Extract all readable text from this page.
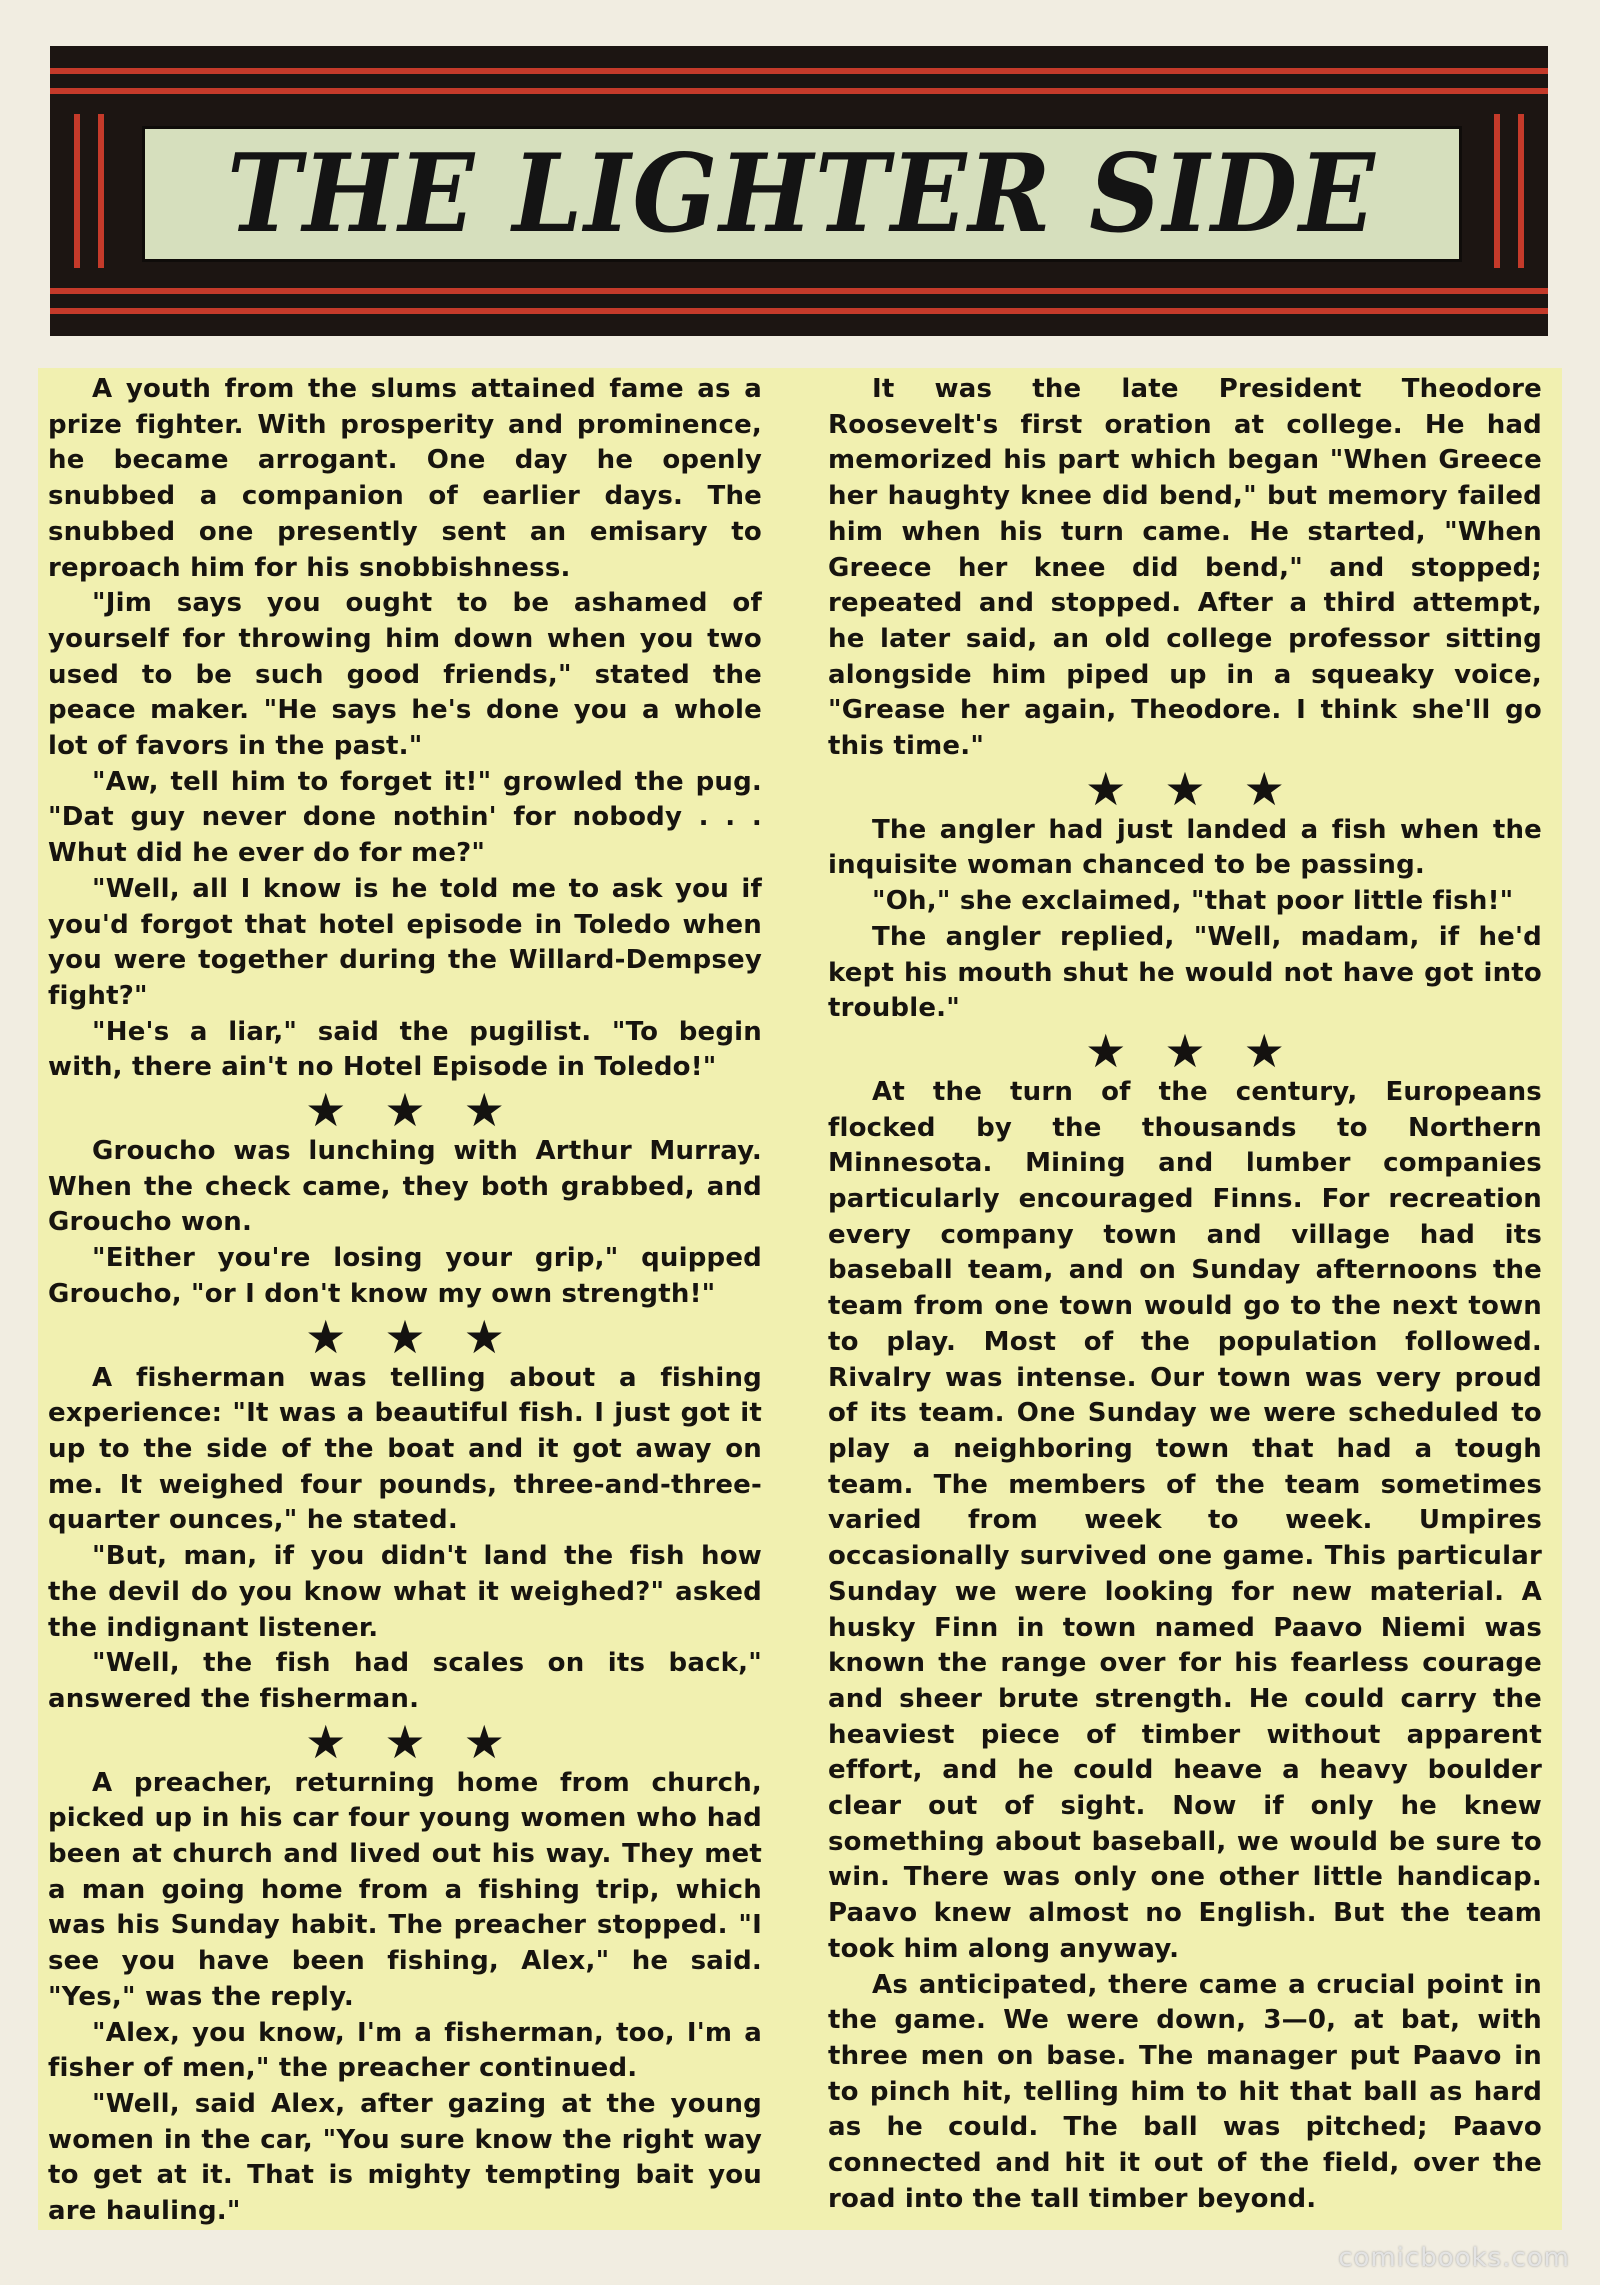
THE LIGHTER SIDE

A youth from the slums attained fame as a prize fighter. With prosperity and prominence, he became arrogant. One day he openly snubbed a companion of earlier days. The snubbed one presently sent an emisary to reproach him for his snobbishness.

"Jim says you ought to be ashamed of yourself for throwing him down when you two used to be such good friends," stated the peace maker. "He says he's done you a whole lot of favors in the past."

"Aw, tell him to forget it!" growled the pug. "Dat guy never done nothin' for nobody . . . Whut did he ever do for me?"

"Well, all I know is he told me to ask you if you'd forgot that hotel episode in Toledo when you were together during the Willard-Dempsey fight?"

"He's a liar," said the pugilist. "To begin with, there ain't no Hotel Episode in Toledo!"

★★★

Groucho was lunching with Arthur Murray. When the check came, they both grabbed, and Groucho won.

"Either you're losing your grip," quipped Groucho, "or I don't know my own strength!"

★★★

A fisherman was telling about a fishing experience: "It was a beautiful fish. I just got it up to the side of the boat and it got away on me. It weighed four pounds, three-and-three-quarter ounces," he stated.

"But, man, if you didn't land the fish how the devil do you know what it weighed?" asked the indignant listener.

"Well, the fish had scales on its back," answered the fisherman.

★★★

A preacher, returning home from church, picked up in his car four young women who had been at church and lived out his way. They met a man going home from a fishing trip, which was his Sunday habit. The preacher stopped. "I see you have been fishing, Alex," he said. "Yes," was the reply.

"Alex, you know, I'm a fisherman, too, I'm a fisher of men," the preacher continued.

"Well, said Alex, after gazing at the young women in the car, "You sure know the right way to get at it. That is mighty tempting bait you are hauling."

It was the late President Theodore Roosevelt's first oration at college. He had memorized his part which began "When Greece her haughty knee did bend," but memory failed him when his turn came. He started, "When Greece her knee did bend," and stopped; repeated and stopped. After a third attempt, he later said, an old college professor sitting alongside him piped up in a squeaky voice, "Grease her again, Theodore. I think she'll go this time."

★★★

The angler had just landed a fish when the inquisite woman chanced to be passing.

"Oh," she exclaimed, "that poor little fish!"

The angler replied, "Well, madam, if he'd kept his mouth shut he would not have got into trouble."

★★★

At the turn of the century, Europeans flocked by the thousands to Northern Minnesota. Mining and lumber companies particularly encouraged Finns. For recreation every company town and village had its baseball team, and on Sunday afternoons the team from one town would go to the next town to play. Most of the population followed. Rivalry was intense. Our town was very proud of its team. One Sunday we were scheduled to play a neighboring town that had a tough team. The members of the team sometimes varied from week to week. Umpires occasionally survived one game. This particular Sunday we were looking for new material. A husky Finn in town named Paavo Niemi was known the range over for his fearless courage and sheer brute strength. He could carry the heaviest piece of timber without apparent effort, and he could heave a heavy boulder clear out of sight. Now if only he knew something about baseball, we would be sure to win. There was only one other little handicap. Paavo knew almost no English. But the team took him along anyway.

As anticipated, there came a crucial point in the game. We were down, 3—0, at bat, with three men on base. The manager put Paavo in to pinch hit, telling him to hit that ball as hard as he could. The ball was pitched; Paavo connected and hit it out of the field, over the road into the tall timber beyond.

comicbooks.com
